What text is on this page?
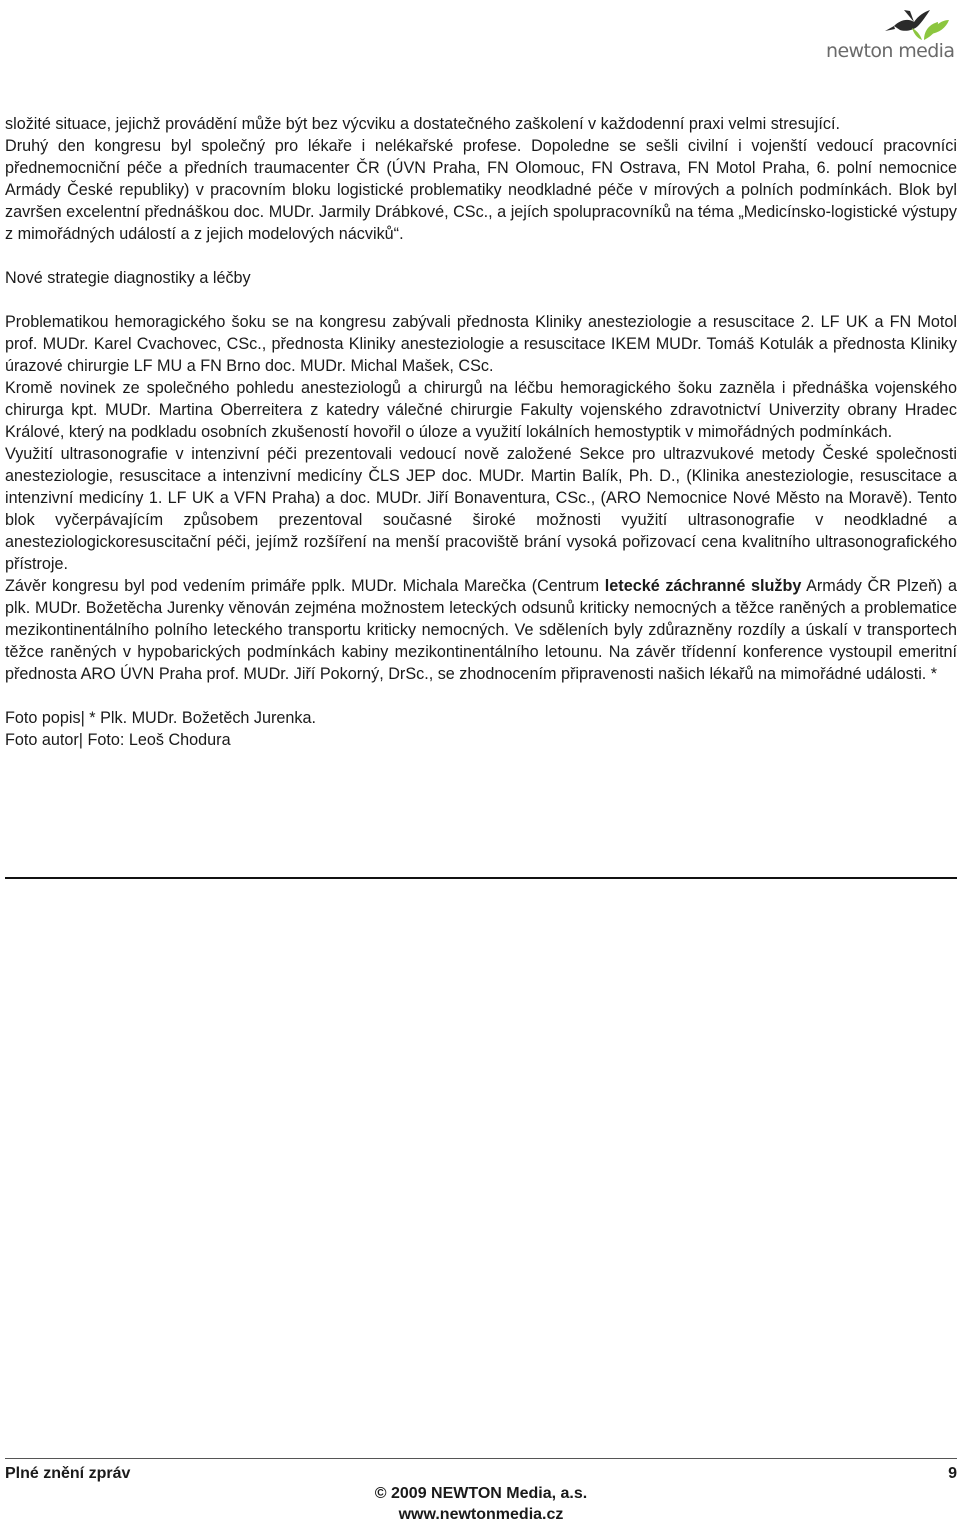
newton media

složité situace, jejichž provádění může být bez výcviku a dostatečného zaškolení v každodenní praxi velmi stresující.

Druhý den kongresu byl společný pro lékaře i nelékařské profese. Dopoledne se sešli civilní i vojenští vedoucí pracovníci přednemocniční péče a předních traumacenter ČR (ÚVN Praha, FN Olomouc, FN Ostrava, FN Motol Praha, 6. polní nemocnice Armády České republiky) v pracovním bloku logistické problematiky neodkladné péče v mírových a polních podmínkách. Blok byl završen excelentní přednáškou doc. MUDr. Jarmily Drábkové, CSc., a jejích spolupracovníků na téma „Medicínsko-logistické výstupy z mimořádných událostí a z jejich modelových nácviků“.

Nové strategie diagnostiky a léčby

Problematikou hemoragického šoku se na kongresu zabývali přednosta Kliniky anesteziologie a resuscitace 2. LF UK a FN Motol prof. MUDr. Karel Cvachovec, CSc., přednosta Kliniky anesteziologie a resuscitace IKEM MUDr. Tomáš Kotulák a přednosta Kliniky úrazové chirurgie LF MU a FN Brno doc. MUDr. Michal Mašek, CSc.

Kromě novinek ze společného pohledu anesteziologů a chirurgů na léčbu hemoragického šoku zazněla i přednáška vojenského chirurga kpt. MUDr. Martina Oberreitera z katedry válečné chirurgie Fakulty vojenského zdravotnictví Univerzity obrany Hradec Králové, který na podkladu osobních zkušeností hovořil o úloze a využití lokálních hemostyptik v mimořádných podmínkách.

Využití ultrasonografie v intenzivní péči prezentovali vedoucí nově založené Sekce pro ultrazvukové metody České společnosti anesteziologie, resuscitace a intenzivní medicíny ČLS JEP doc. MUDr. Martin Balík, Ph. D., (Klinika anesteziologie, resuscitace a intenzivní medicíny 1. LF UK a VFN Praha) a doc. MUDr. Jiří Bonaventura, CSc., (ARO Nemocnice Nové Město na Moravě). Tento blok vyčerpávajícím způsobem prezentoval současné široké možnosti využití ultrasonografie v neodkladné a anesteziologickoresuscitační péči, jejímž rozšíření na menší pracoviště brání vysoká pořizovací cena kvalitního ultrasonografického přístroje.

Závěr kongresu byl pod vedením primáře pplk. MUDr. Michala Marečka (Centrum letecké záchranné služby Armády ČR Plzeň) a plk. MUDr. Božetěcha Jurenky věnován zejména možnostem leteckých odsunů kriticky nemocných a těžce raněných a problematice mezikontinentálního polního leteckého transportu kriticky nemocných. Ve sděleních byly zdůrazněny rozdíly a úskalí v transportech těžce raněných v hypobarických podmínkách kabiny mezikontinentálního letounu. Na závěr třídenní konference vystoupil emeritní přednosta ARO ÚVN Praha prof. MUDr. Jiří Pokorný, DrSc., se zhodnocením připravenosti našich lékařů na mimořádné události. *

Foto popis| * Plk. MUDr. Božetěch Jurenka.

Foto autor| Foto: Leoš Chodura

Plné znění zpráv	9
© 2009 NEWTON Media, a.s.
www.newtonmedia.cz
